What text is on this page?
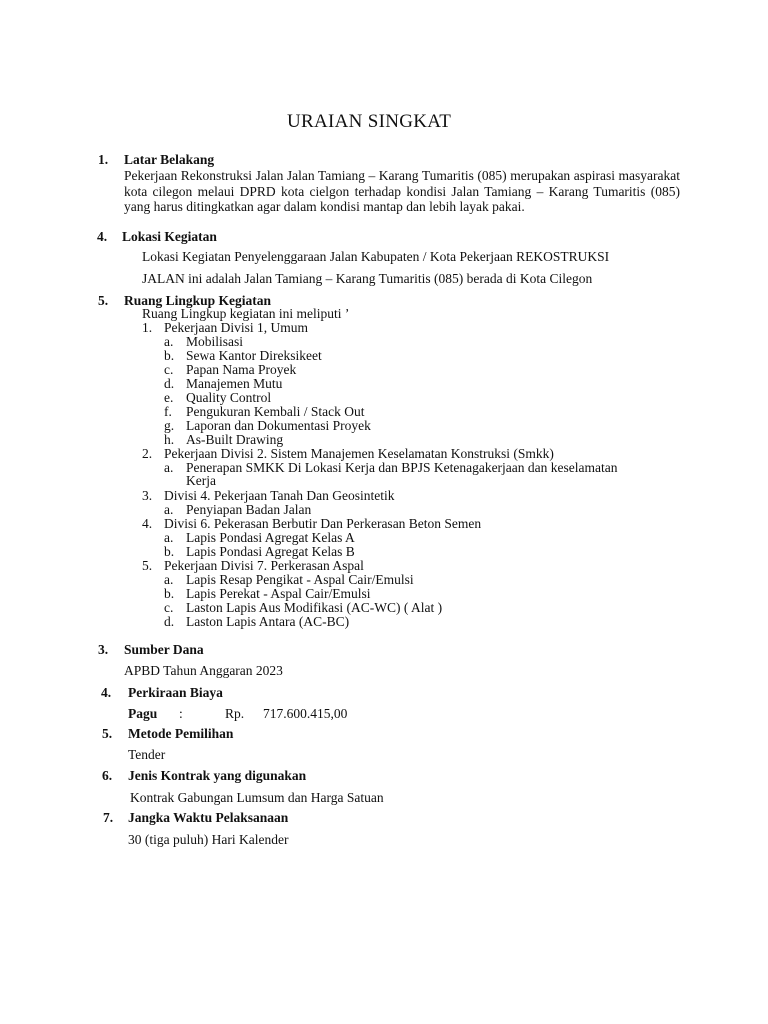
URAIAN SINGKAT
1. Latar Belakang
Pekerjaan Rekonstruksi Jalan Jalan Tamiang – Karang Tumaritis (085) merupakan aspirasi masyarakat kota cilegon melaui DPRD kota cielgon terhadap kondisi Jalan Tamiang – Karang Tumaritis (085) yang harus ditingkatkan agar dalam kondisi mantap dan lebih layak pakai.
4. Lokasi Kegiatan
Lokasi Kegiatan Penyelenggaraan Jalan Kabupaten / Kota Pekerjaan REKOSTRUKSI
JALAN ini adalah Jalan Tamiang – Karang Tumaritis (085) berada di Kota Cilegon
5. Ruang Lingkup Kegiatan
Ruang Lingkup kegiatan ini meliputi ’
1. Pekerjaan Divisi 1, Umum
a. Mobilisasi
b. Sewa Kantor Direksikeet
c. Papan Nama Proyek
d. Manajemen Mutu
e. Quality Control
f. Pengukuran Kembali / Stack Out
g. Laporan dan Dokumentasi Proyek
h. As-Built Drawing
2. Pekerjaan Divisi 2. Sistem Manajemen Keselamatan Konstruksi (Smkk)
a. Penerapan SMKK Di Lokasi Kerja dan BPJS Ketenagakerjaan dan keselamatan
Kerja
3. Divisi 4. Pekerjaan Tanah Dan Geosintetik
a. Penyiapan Badan Jalan
4. Divisi 6. Pekerasan Berbutir Dan Perkerasan Beton Semen
a. Lapis Pondasi Agregat Kelas A
b. Lapis Pondasi Agregat Kelas B
5. Pekerjaan Divisi 7. Perkerasan Aspal
a. Lapis Resap Pengikat - Aspal Cair/Emulsi
b. Lapis Perekat - Aspal Cair/Emulsi
c. Laston Lapis Aus Modifikasi (AC-WC) ( Alat )
d. Laston Lapis Antara (AC-BC)
3. Sumber Dana
APBD Tahun Anggaran 2023
4. Perkiraan Biaya
Pagu :	Rp. 717.600.415,00
5. Metode Pemilihan
Tender
6. Jenis Kontrak yang digunakan
Kontrak Gabungan Lumsum dan Harga Satuan
7. Jangka Waktu Pelaksanaan
30 (tiga puluh) Hari Kalender
